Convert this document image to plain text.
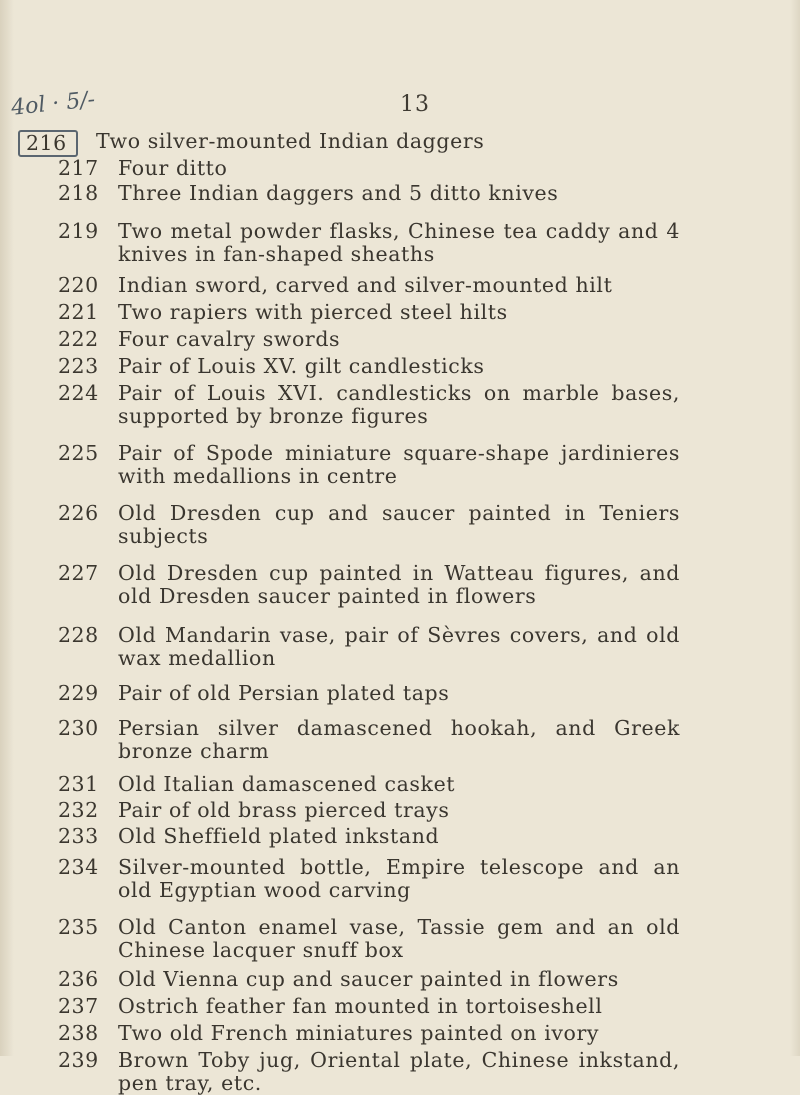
13
4ol · 5/-
216	Two silver-mounted Indian daggers
217 Four ditto
218 Three Indian daggers and 5 ditto knives
219 Two metal powder flasks, Chinese tea caddy and 4 knives in fan-shaped sheaths
220 Indian sword, carved and silver-mounted hilt
221 Two rapiers with pierced steel hilts
222 Four cavalry swords
223 Pair of Louis XV. gilt candlesticks
224 Pair of Louis XVI. candlesticks on marble bases, supported by bronze figures
225 Pair of Spode miniature square-shape jardinieres with medallions in centre
226 Old Dresden cup and saucer painted in Teniers subjects
227 Old Dresden cup painted in Watteau figures, and old Dresden saucer painted in flowers
228 Old Mandarin vase, pair of Sèvres covers, and old wax medallion
229 Pair of old Persian plated taps
230 Persian silver damascened hookah, and Greek bronze charm
231 Old Italian damascened casket
232 Pair of old brass pierced trays
233 Old Sheffield plated inkstand
234 Silver-mounted bottle, Empire telescope and an old Egyptian wood carving
235 Old Canton enamel vase, Tassie gem and an old Chinese lacquer snuff box
236 Old Vienna cup and saucer painted in flowers
237 Ostrich feather fan mounted in tortoiseshell
238 Two old French miniatures painted on ivory
239 Brown Toby jug, Oriental plate, Chinese inkstand, pen tray, etc.
